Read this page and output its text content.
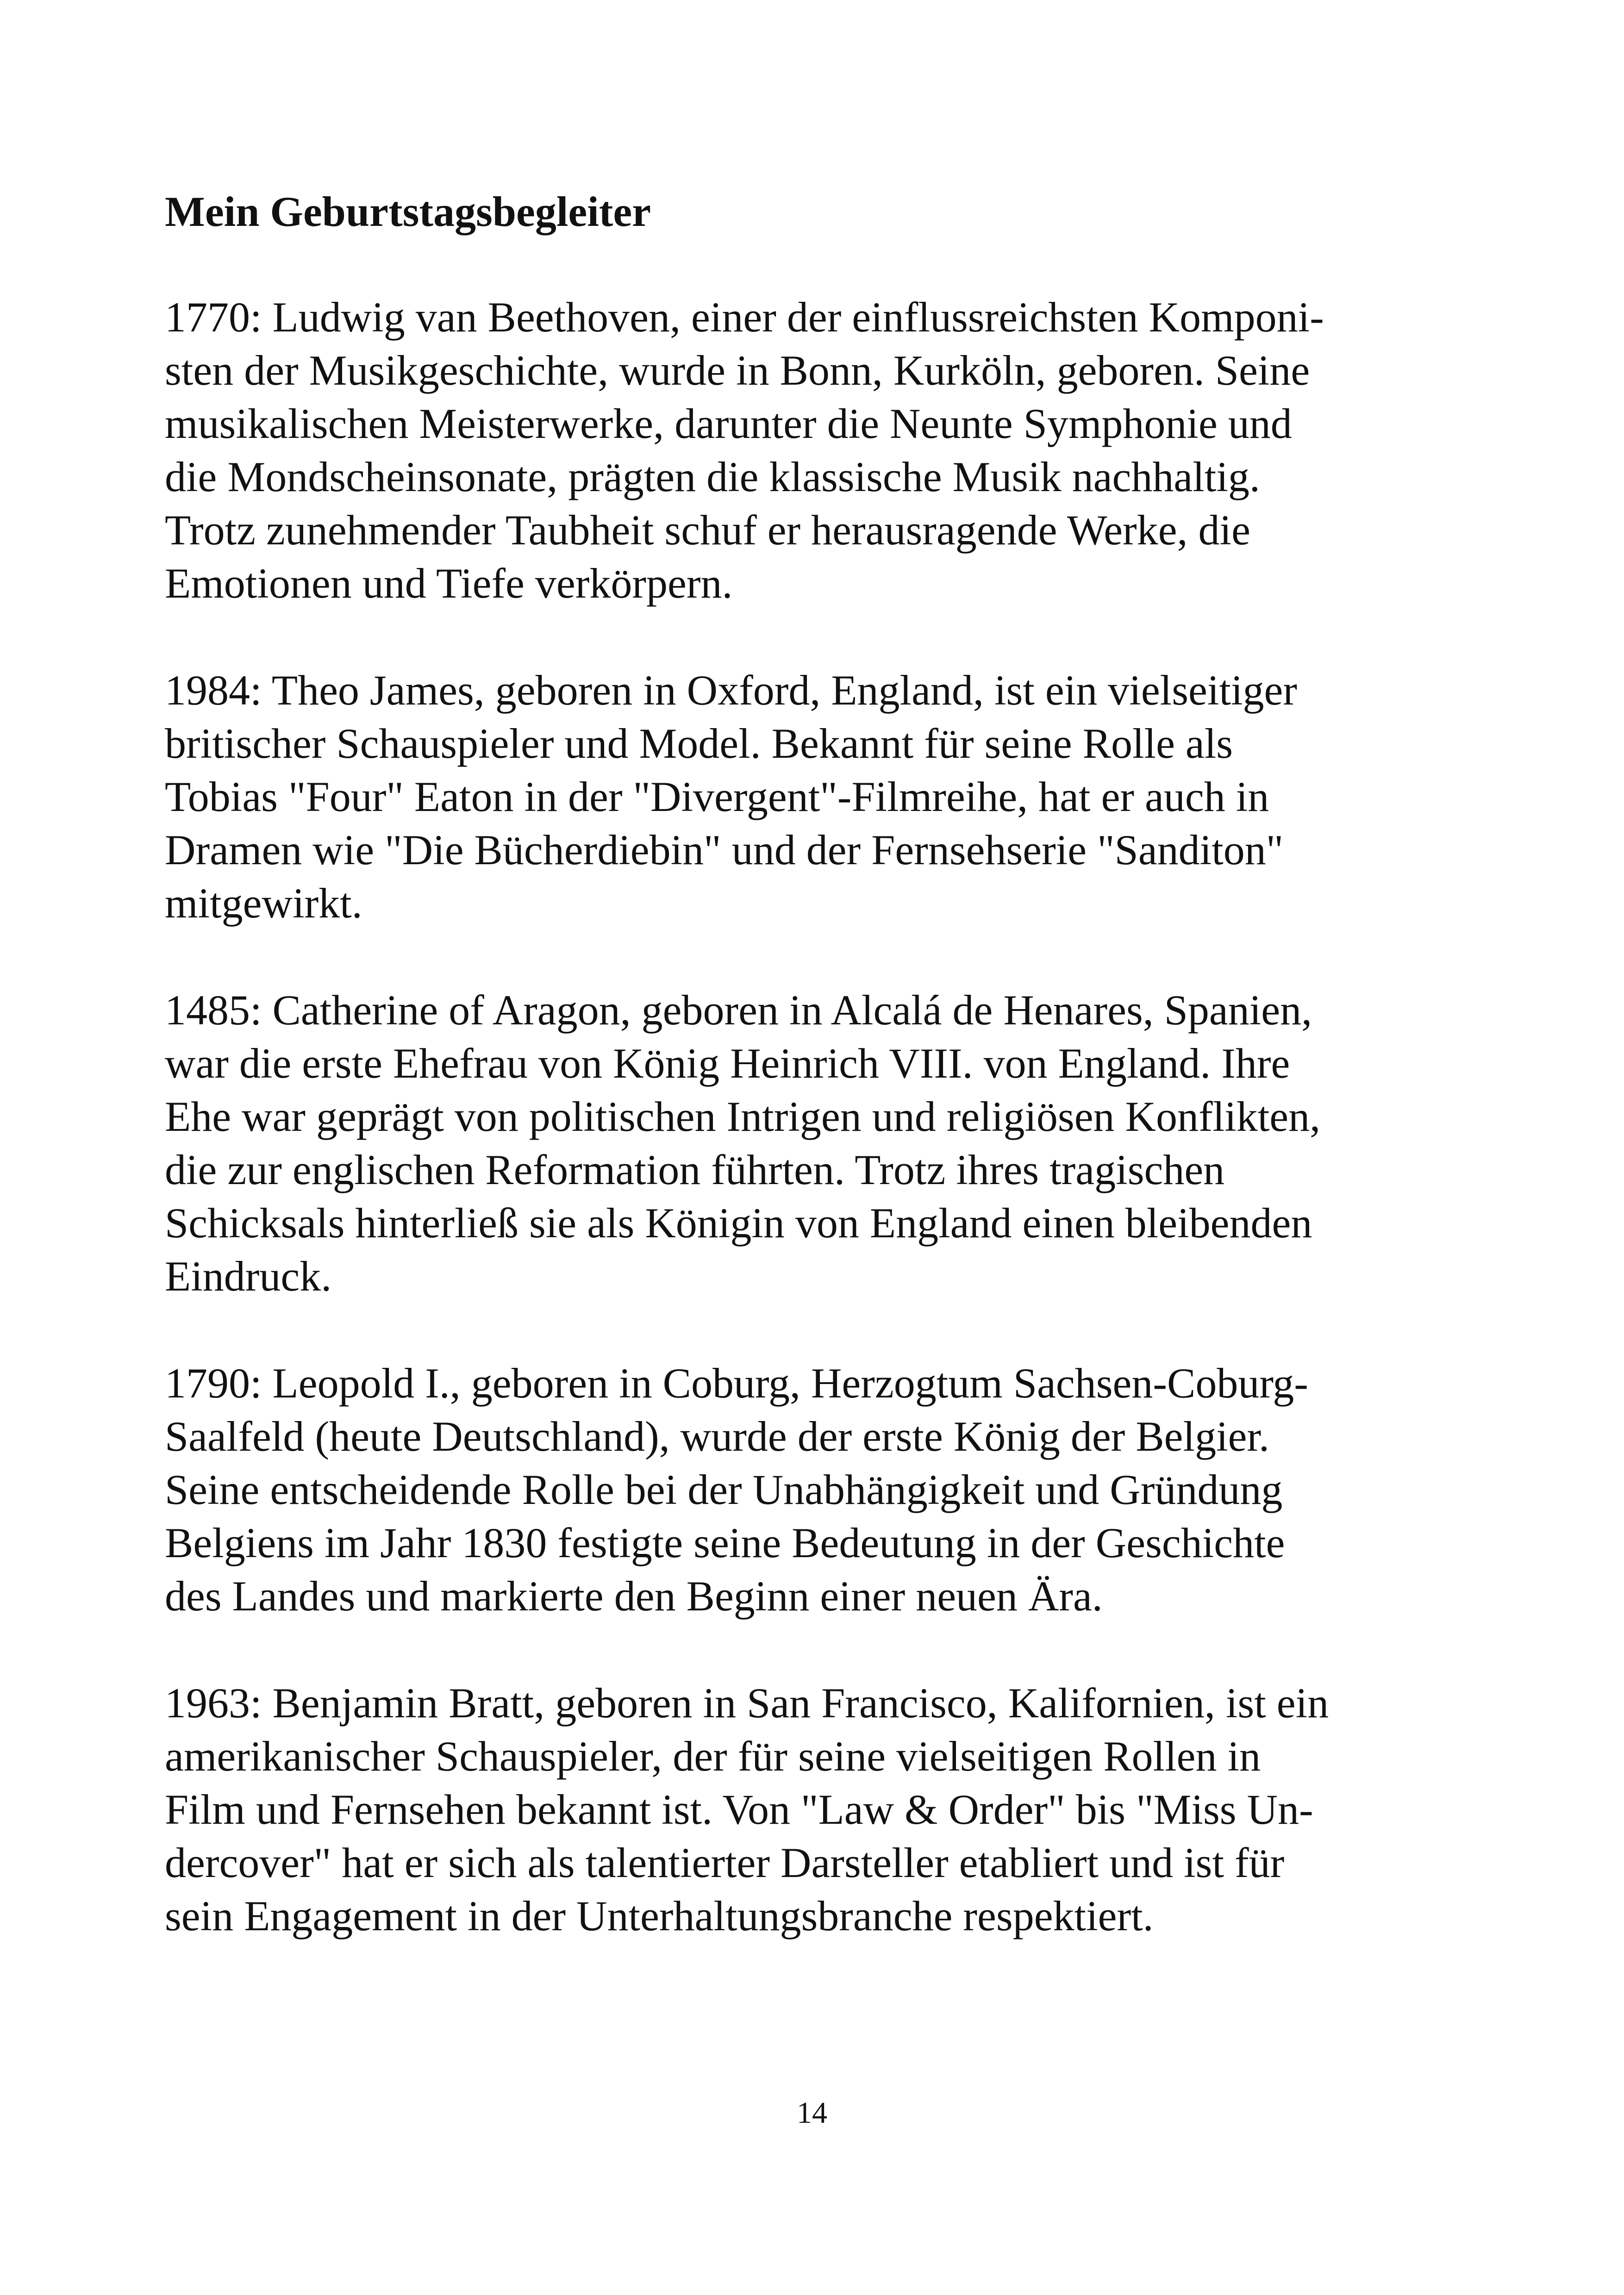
Mein Geburtstagsbegleiter

1770: Ludwig van Beethoven, einer der einflussreichsten Komponi-
sten der Musikgeschichte, wurde in Bonn, Kurköln, geboren. Seine
musikalischen Meisterwerke, darunter die Neunte Symphonie und
die Mondscheinsonate, prägten die klassische Musik nachhaltig.
Trotz zunehmender Taubheit schuf er herausragende Werke, die
Emotionen und Tiefe verkörpern.

1984: Theo James, geboren in Oxford, England, ist ein vielseitiger
britischer Schauspieler und Model. Bekannt für seine Rolle als
Tobias "Four" Eaton in der "Divergent"-Filmreihe, hat er auch in
Dramen wie "Die Bücherdiebin" und der Fernsehserie "Sanditon"
mitgewirkt.

1485: Catherine of Aragon, geboren in Alcalá de Henares, Spanien,
war die erste Ehefrau von König Heinrich VIII. von England. Ihre
Ehe war geprägt von politischen Intrigen und religiösen Konflikten,
die zur englischen Reformation führten. Trotz ihres tragischen
Schicksals hinterließ sie als Königin von England einen bleibenden
Eindruck.

1790: Leopold I., geboren in Coburg, Herzogtum Sachsen-Coburg-
Saalfeld (heute Deutschland), wurde der erste König der Belgier.
Seine entscheidende Rolle bei der Unabhängigkeit und Gründung
Belgiens im Jahr 1830 festigte seine Bedeutung in der Geschichte
des Landes und markierte den Beginn einer neuen Ära.

1963: Benjamin Bratt, geboren in San Francisco, Kalifornien, ist ein
amerikanischer Schauspieler, der für seine vielseitigen Rollen in
Film und Fernsehen bekannt ist. Von "Law & Order" bis "Miss Un-
dercover" hat er sich als talentierter Darsteller etabliert und ist für
sein Engagement in der Unterhaltungsbranche respektiert.

14
